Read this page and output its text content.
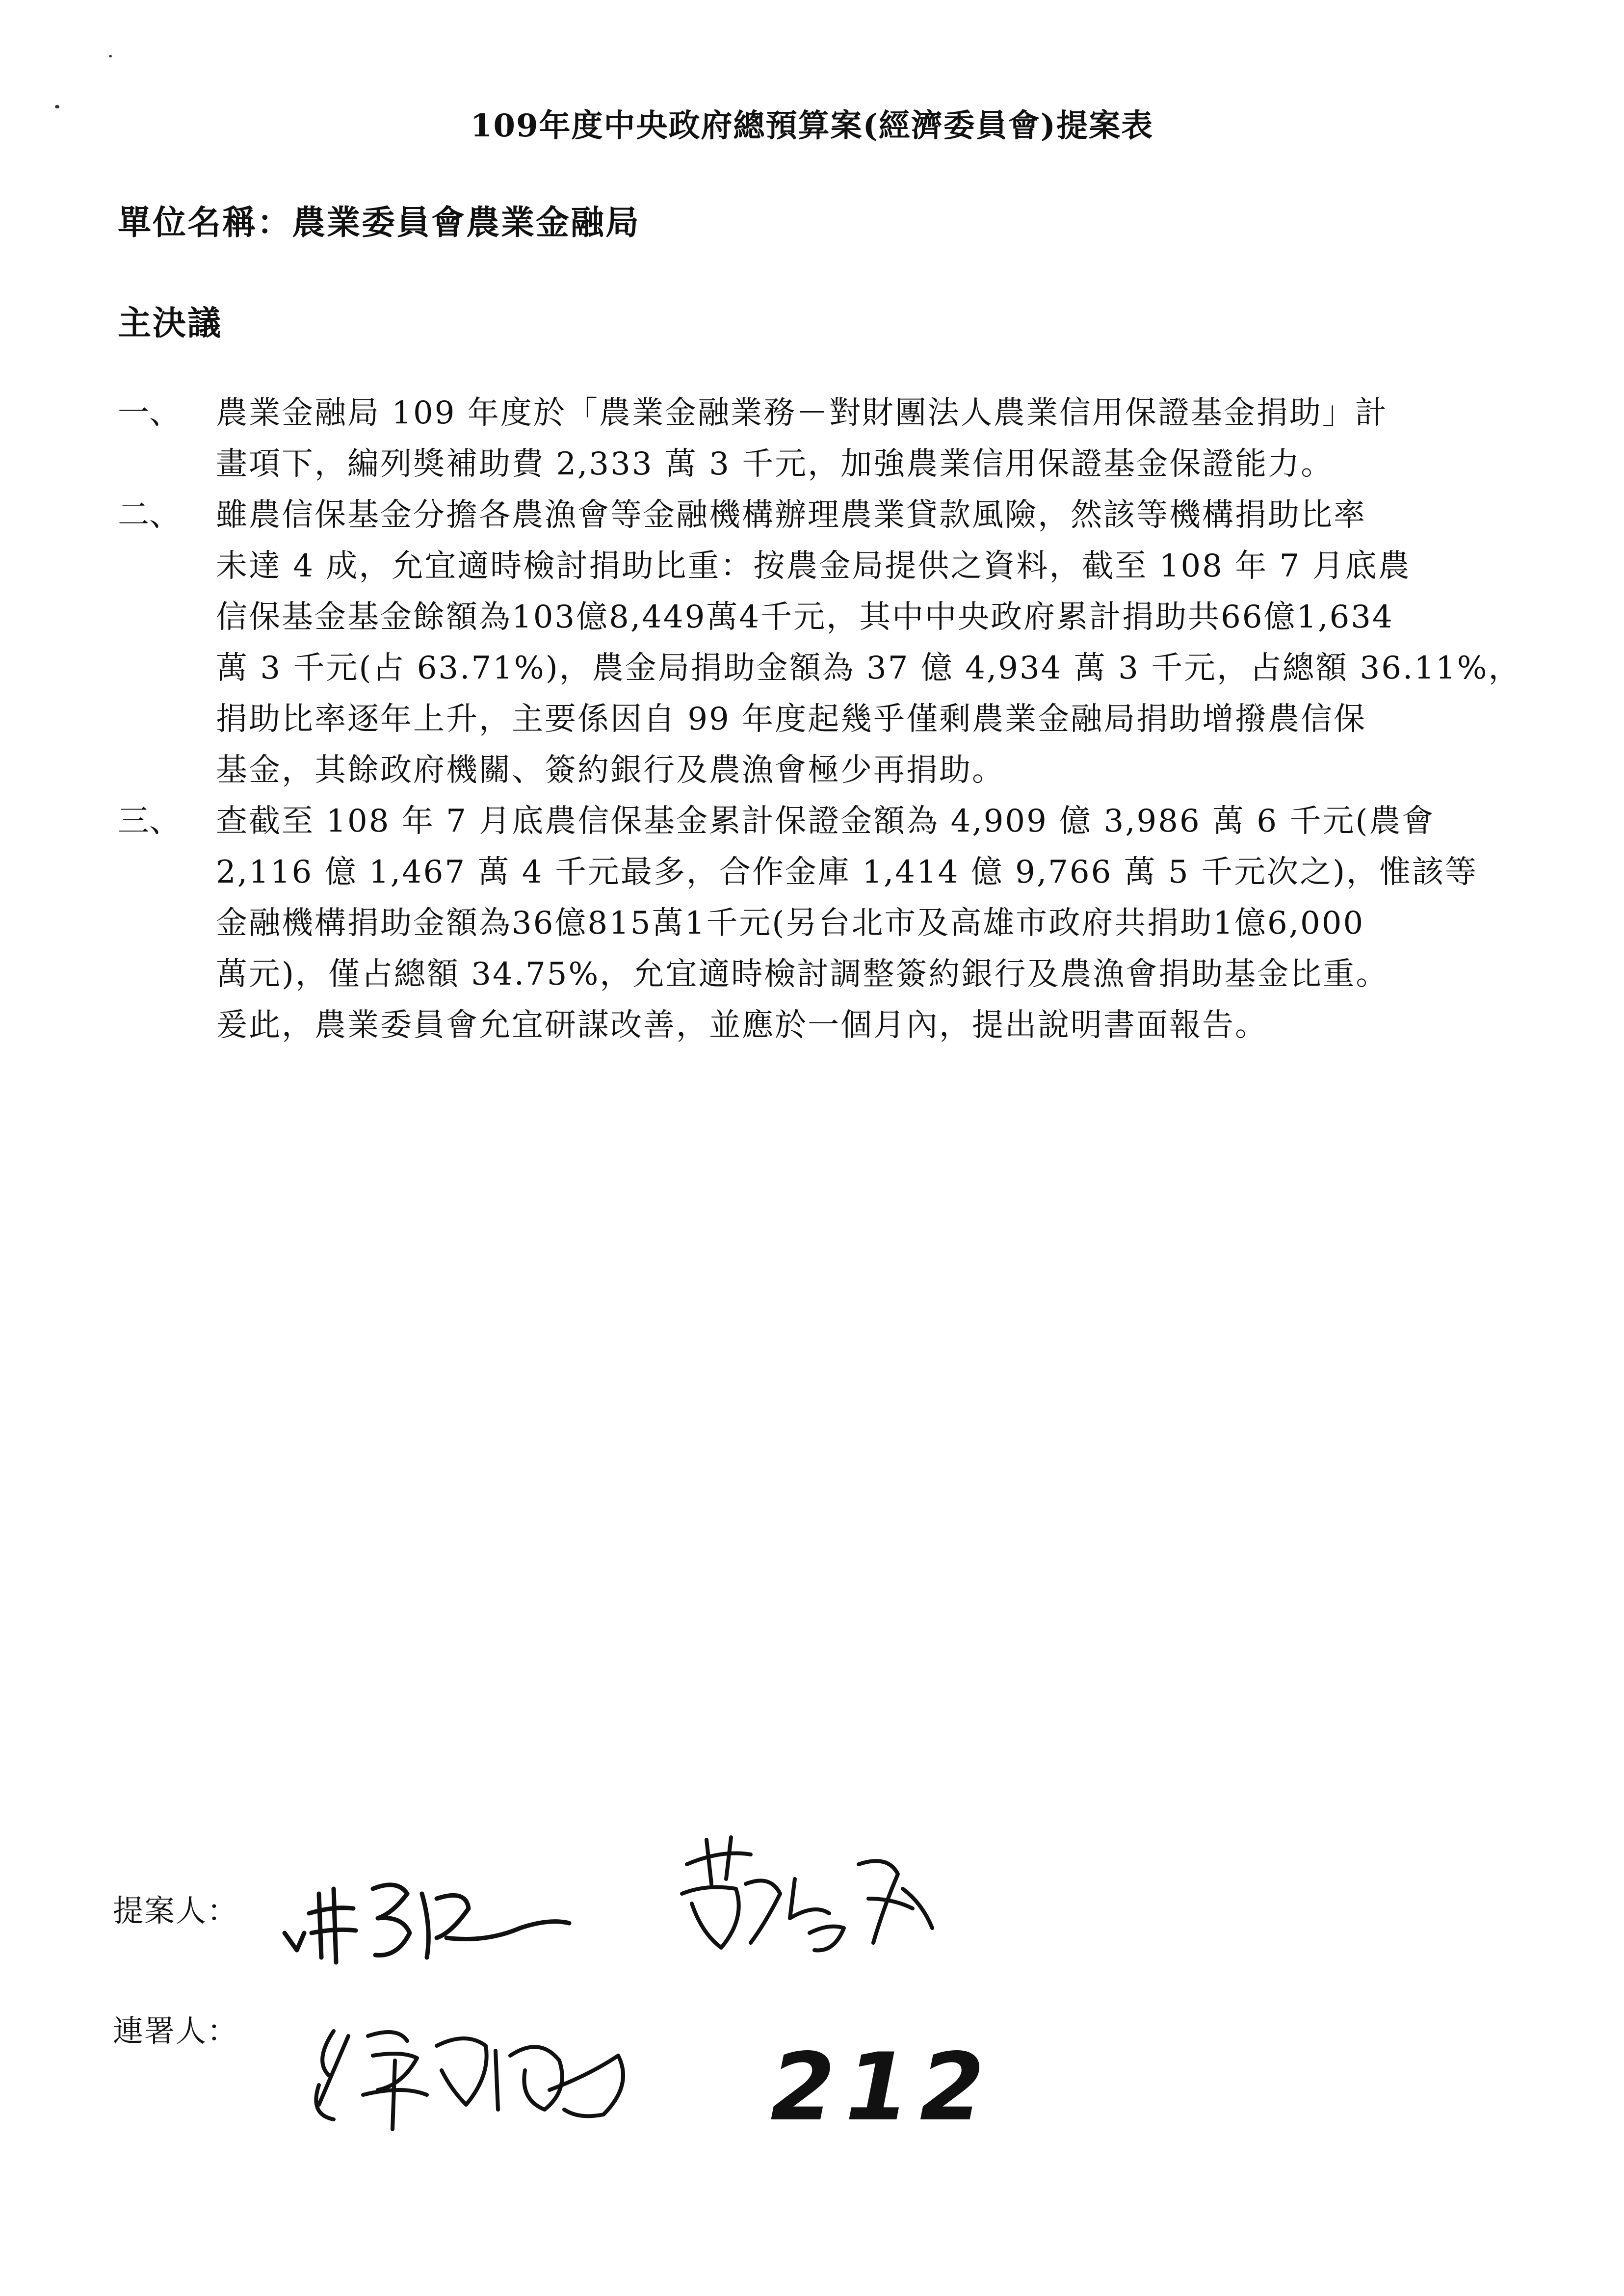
109年度中央政府總預算案(經濟委員會)提案表
單位名稱：農業委員會農業金融局
主決議
一、 農業金融局 109 年度於「農業金融業務－對財團法人農業信用保證基金捐助」計
畫項下，編列獎補助費 2,333 萬 3 千元，加強農業信用保證基金保證能力。
二、 雖農信保基金分擔各農漁會等金融機構辦理農業貸款風險，然該等機構捐助比率
未達 4 成，允宜適時檢討捐助比重：按農金局提供之資料，截至 108 年 7 月底農
信保基金基金餘額為103億8,449萬4千元，其中中央政府累計捐助共66億1,634
萬 3 千元(占 63.71%)，農金局捐助金額為 37 億 4,934 萬 3 千元，占總額 36.11%，
捐助比率逐年上升，主要係因自 99 年度起幾乎僅剩農業金融局捐助增撥農信保
基金，其餘政府機關、簽約銀行及農漁會極少再捐助。
三、 查截至 108 年 7 月底農信保基金累計保證金額為 4,909 億 3,986 萬 6 千元(農會
2,116 億 1,467 萬 4 千元最多，合作金庫 1,414 億 9,766 萬 5 千元次之)，惟該等
金融機構捐助金額為36億815萬1千元(另台北市及高雄市政府共捐助1億6,000
萬元)，僅占總額 34.75%，允宜適時檢討調整簽約銀行及農漁會捐助基金比重。
爰此，農業委員會允宜研謀改善，並應於一個月內，提出說明書面報告。
提案人：
連署人：
212
